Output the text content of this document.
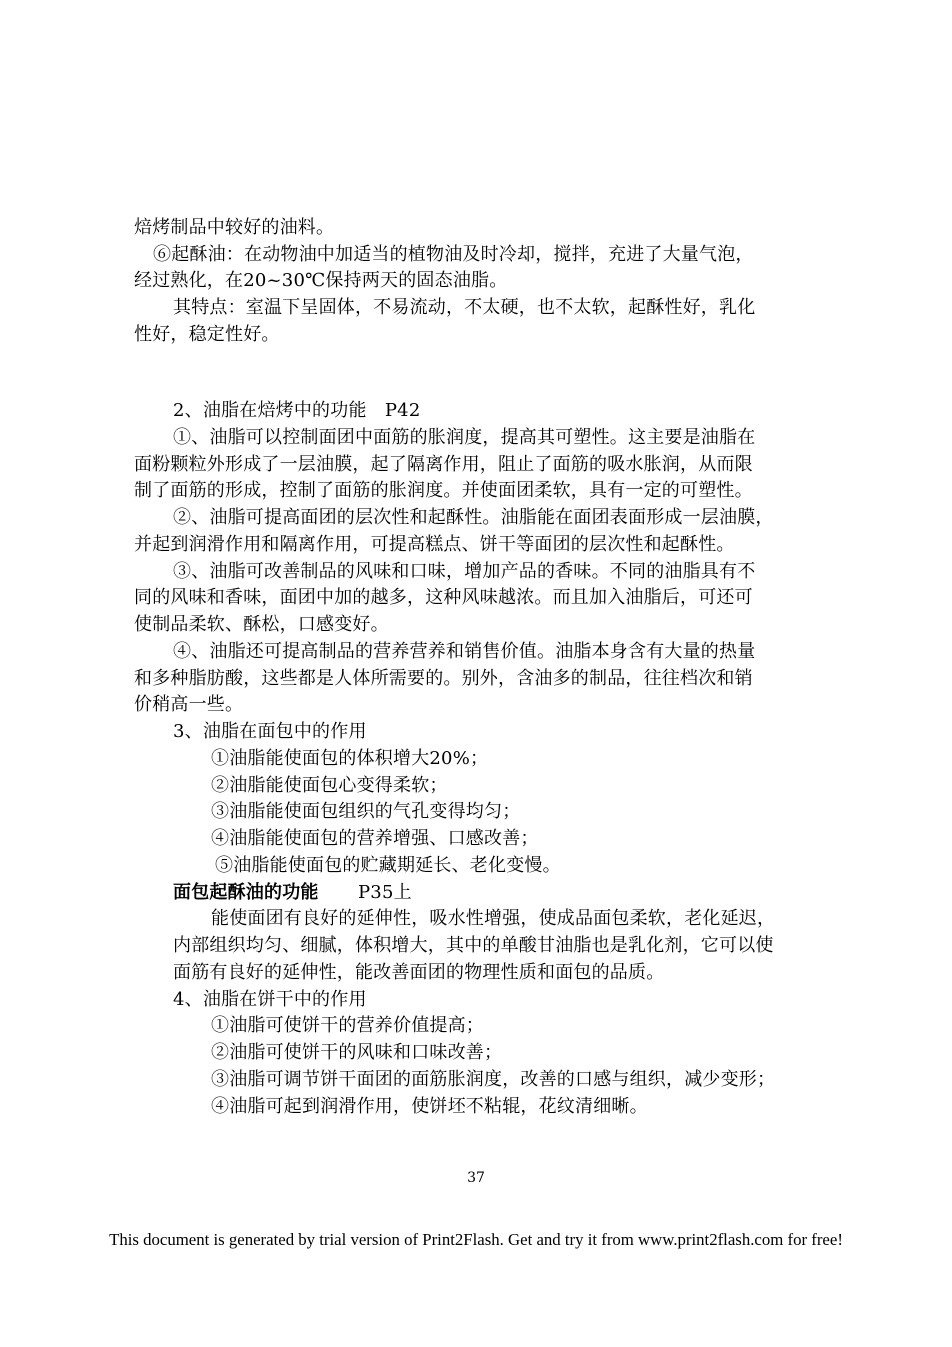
焙烤制品中较好的油料。
⑥起酥油：在动物油中加适当的植物油及时冷却，搅拌，充进了大量气泡，
经过熟化，在20~30℃保持两天的固态油脂。
其特点：室温下呈固体，不易流动，不太硬，也不太软，起酥性好，乳化
性好，稳定性好。
2、油脂在焙烤中的功能　P42
①、油脂可以控制面团中面筋的胀润度，提高其可塑性。这主要是油脂在
面粉颗粒外形成了一层油膜，起了隔离作用，阻止了面筋的吸水胀润，从而限
制了面筋的形成，控制了面筋的胀润度。并使面团柔软，具有一定的可塑性。
②、油脂可提高面团的层次性和起酥性。油脂能在面团表面形成一层油膜，
并起到润滑作用和隔离作用，可提高糕点、饼干等面团的层次性和起酥性。
③、油脂可改善制品的风味和口味，增加产品的香味。不同的油脂具有不
同的风味和香味，面团中加的越多，这种风味越浓。而且加入油脂后，可还可
使制品柔软、酥松，口感变好。
④、油脂还可提高制品的营养营养和销售价值。油脂本身含有大量的热量
和多种脂肪酸，这些都是人体所需要的。别外，含油多的制品，往往档次和销
价稍高一些。
3、油脂在面包中的作用
①油脂能使面包的体积增大20%；
②油脂能使面包心变得柔软；
③油脂能使面包组织的气孔变得均匀；
④油脂能使面包的营养增强、口感改善；
⑤油脂能使面包的贮藏期延长、老化变慢。
面包起酥油的功能 P35上
能使面团有良好的延伸性，吸水性增强，使成品面包柔软，老化延迟，
内部组织均匀、细腻，体积增大，其中的单酸甘油脂也是乳化剂，它可以使
面筋有良好的延伸性，能改善面团的物理性质和面包的品质。
4、油脂在饼干中的作用
①油脂可使饼干的营养价值提高；
②油脂可使饼干的风味和口味改善；
③油脂可调节饼干面团的面筋胀润度，改善的口感与组织，减少变形；
④油脂可起到润滑作用，使饼坯不粘辊，花纹清细晰。
37
This document is generated by trial version of Print2Flash. Get and try it from www.print2flash.com for free!
